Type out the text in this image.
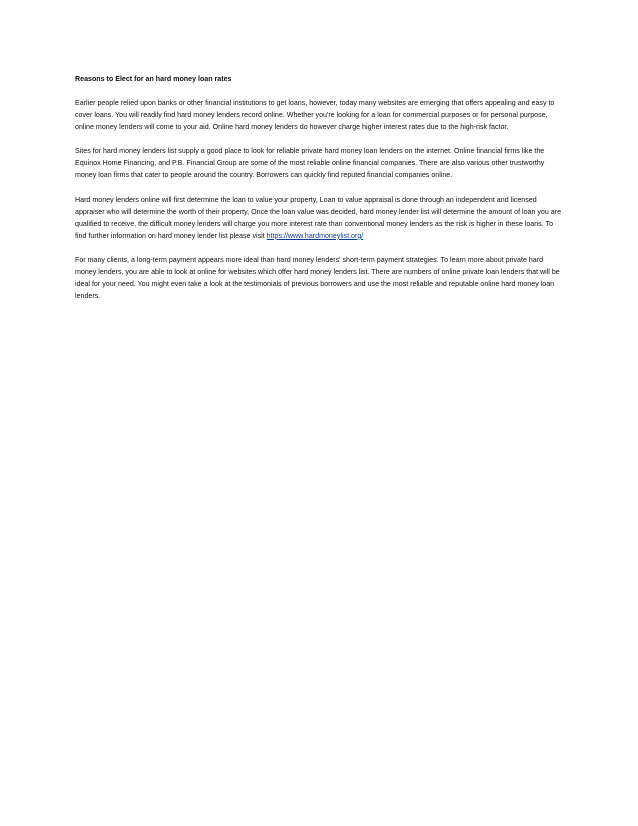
Reasons to Elect for an hard money loan rates

Earlier people relied upon banks or other financial institutions to get loans, however, today many websites are emerging that offers appealing and easy to cover loans. You will readily find hard money lenders record online. Whether you're looking for a loan for commercial purposes or for personal purpose, online money lenders will come to your aid. Online hard money lenders do however charge higher interest rates due to the high-risk factor.

Sites for hard money lenders list supply a good place to look for reliable private hard money loan lenders on the internet. Online financial firms like the Equinox Home Financing, and P.B. Financial Group are some of the most reliable online financial companies. There are also various other trustworthy money loan firms that cater to people around the country. Borrowers can quickly find reputed financial companies online.

Hard money lenders online will first determine the loan to value your property, Loan to value appraisal is done through an independent and licensed appraiser who will determine the worth of their property, Once the loan value was decided, hard money lender list will determine the amount of loan you are qualified to receive, the difficult money lenders will charge you more interest rate than conventional money lenders as the risk is higher in these loans. To find further information on hard money lender list please visit https://www.hardmoneylist.org/

For many clients, a long-term payment appears more ideal than hard money lenders' short-term payment strategies. To learn more about private hard money lenders, you are able to look at online for websites which offer hard money lenders list. There are numbers of online private loan lenders that will be ideal for your need. You might even take a look at the testimonials of previous borrowers and use the most reliable and reputable online hard money loan lenders.
